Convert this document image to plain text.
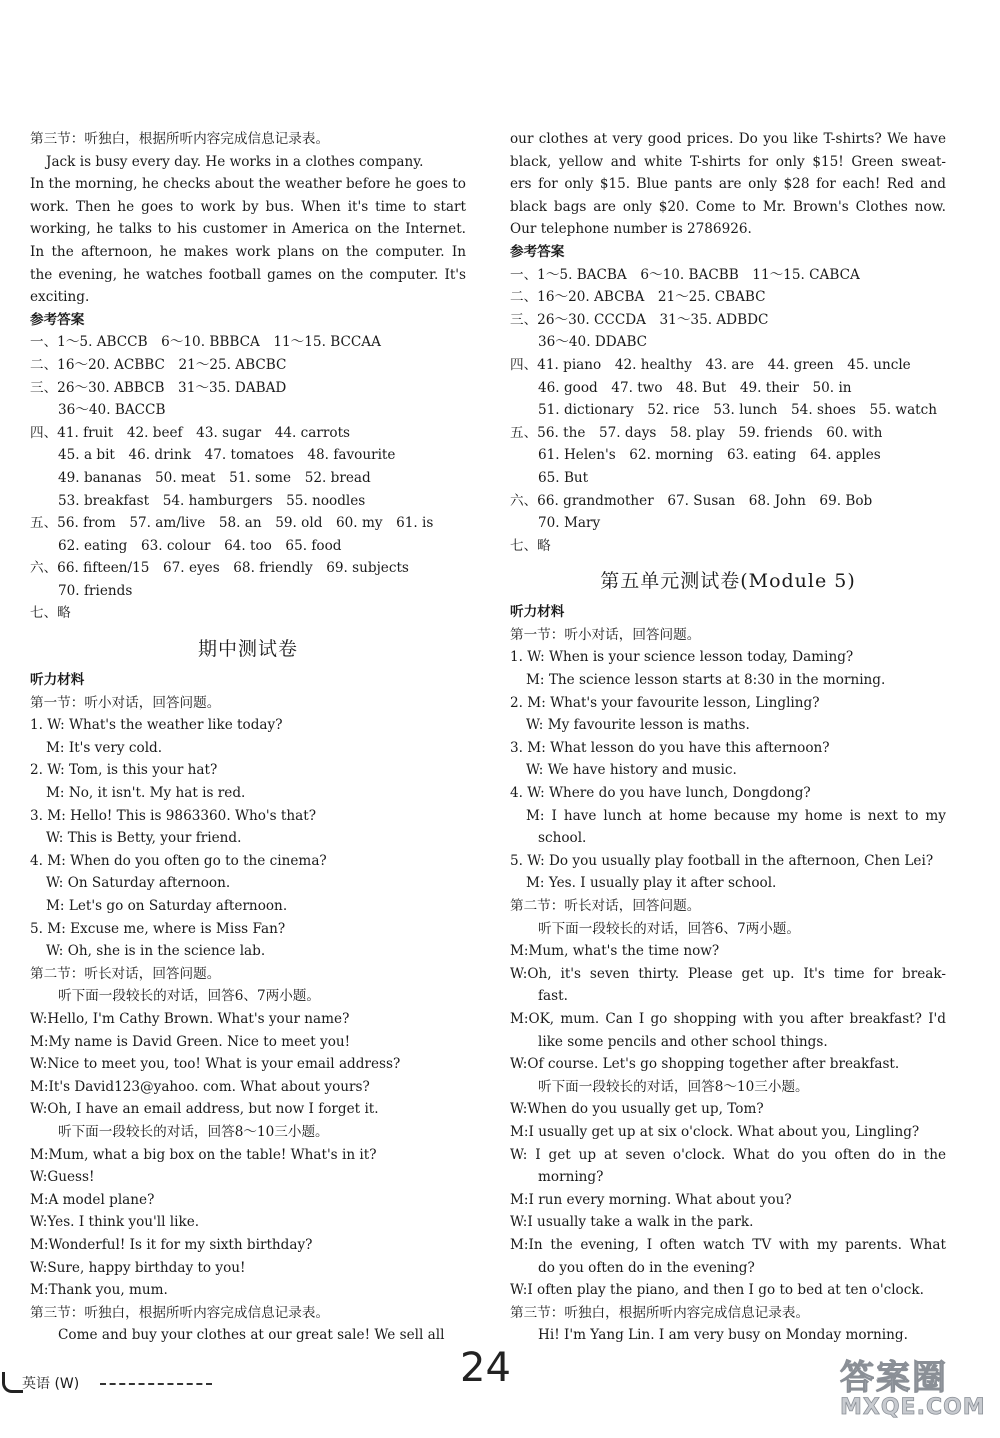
第三节：听独白，根据所听内容完成信息记录表。
Jack is busy every day. He works in a clothes company.
In the morning, he checks about the weather before he goes to
work. Then he goes to work by bus. When it's time to start
working, he talks to his customer in America on the Internet.
In the afternoon, he makes work plans on the computer. In
the evening, he watches football games on the computer. It's
exciting.
参考答案
一、1～5. ABCCB　6～10. BBBCA　11～15. BCCAA
二、16～20. ACBBC　21～25. ABCBC
三、26～30. ABBCB　31～35. DABAD
36～40. BACCB
四、41. fruit　42. beef　43. sugar　44. carrots
45. a bit　46. drink　47. tomatoes　48. favourite
49. bananas　50. meat　51. some　52. bread
53. breakfast　54. hamburgers　55. noodles
五、56. from　57. am/live　58. an　59. old　60. my　61. is
62. eating　63. colour　64. too　65. food
六、66. fifteen/15　67. eyes　68. friendly　69. subjects
70. friends
七、略
期中测试卷
听力材料
第一节：听小对话，回答问题。
1. W: What's the weather like today?
M: It's very cold.
2. W: Tom, is this your hat?
M: No, it isn't. My hat is red.
3. M: Hello! This is 9863360. Who's that?
W: This is Betty, your friend.
4. M: When do you often go to the cinema?
W: On Saturday afternoon.
M: Let's go on Saturday afternoon.
5. M: Excuse me, where is Miss Fan?
W: Oh, she is in the science lab.
第二节：听长对话，回答问题。
听下面一段较长的对话，回答6、7两小题。
W:Hello, I'm Cathy Brown. What's your name?
M:My name is David Green. Nice to meet you!
W:Nice to meet you, too! What is your email address?
M:It's David123@yahoo. com. What about yours?
W:Oh, I have an email address, but now I forget it.
听下面一段较长的对话，回答8～10三小题。
M:Mum, what a big box on the table! What's in it?
W:Guess!
M:A model plane?
W:Yes. I think you'll like.
M:Wonderful! Is it for my sixth birthday?
W:Sure, happy birthday to you!
M:Thank you, mum.
第三节：听独白，根据所听内容完成信息记录表。
Come and buy your clothes at our great sale! We sell all
our clothes at very good prices. Do you like T-shirts? We have
black, yellow and white T-shirts for only $15! Green sweat-
ers for only $15. Blue pants are only $28 for each! Red and
black bags are only $20. Come to Mr. Brown's Clothes now.
Our telephone number is 2786926.
参考答案
一、1～5. BACBA　6～10. BACBB　11～15. CABCA
二、16～20. ABCBA　21～25. CBABC
三、26～30. CCCDA　31～35. ADBDC
36～40. DDABC
四、41. piano　42. healthy　43. are　44. green　45. uncle
46. good　47. two　48. But　49. their　50. in
51. dictionary　52. rice　53. lunch　54. shoes　55. watch
五、56. the　57. days　58. play　59. friends　60. with
61. Helen's　62. morning　63. eating　64. apples
65. But
六、66. grandmother　67. Susan　68. John　69. Bob
70. Mary
七、略
第五单元测试卷(Module 5)
听力材料
第一节：听小对话，回答问题。
1. W: When is your science lesson today, Daming?
M: The science lesson starts at 8:30 in the morning.
2. M: What's your favourite lesson, Lingling?
W: My favourite lesson is maths.
3. M: What lesson do you have this afternoon?
W: We have history and music.
4. W: Where do you have lunch, Dongdong?
M: I have lunch at home because my home is next to my
school.
5. W: Do you usually play football in the afternoon, Chen Lei?
M: Yes. I usually play it after school.
第二节：听长对话，回答问题。
听下面一段较长的对话，回答6、7两小题。
M:Mum, what's the time now?
W:Oh, it's seven thirty. Please get up. It's time for break-
fast.
M:OK, mum. Can I go shopping with you after breakfast? I'd
like some pencils and other school things.
W:Of course. Let's go shopping together after breakfast.
听下面一段较长的对话，回答8～10三小题。
W:When do you usually get up, Tom?
M:I usually get up at six o'clock. What about you, Lingling?
W: I get up at seven o'clock. What do you often do in the
morning?
M:I run every morning. What about you?
W:I usually take a walk in the park.
M:In the evening, I often watch TV with my parents. What
do you often do in the evening?
W:I often play the piano, and then I go to bed at ten o'clock.
第三节：听独白，根据所听内容完成信息记录表。
Hi! I'm Yang Lin. I am very busy on Monday morning.
英语 (W)	24	答案圈
MXQE.COM
